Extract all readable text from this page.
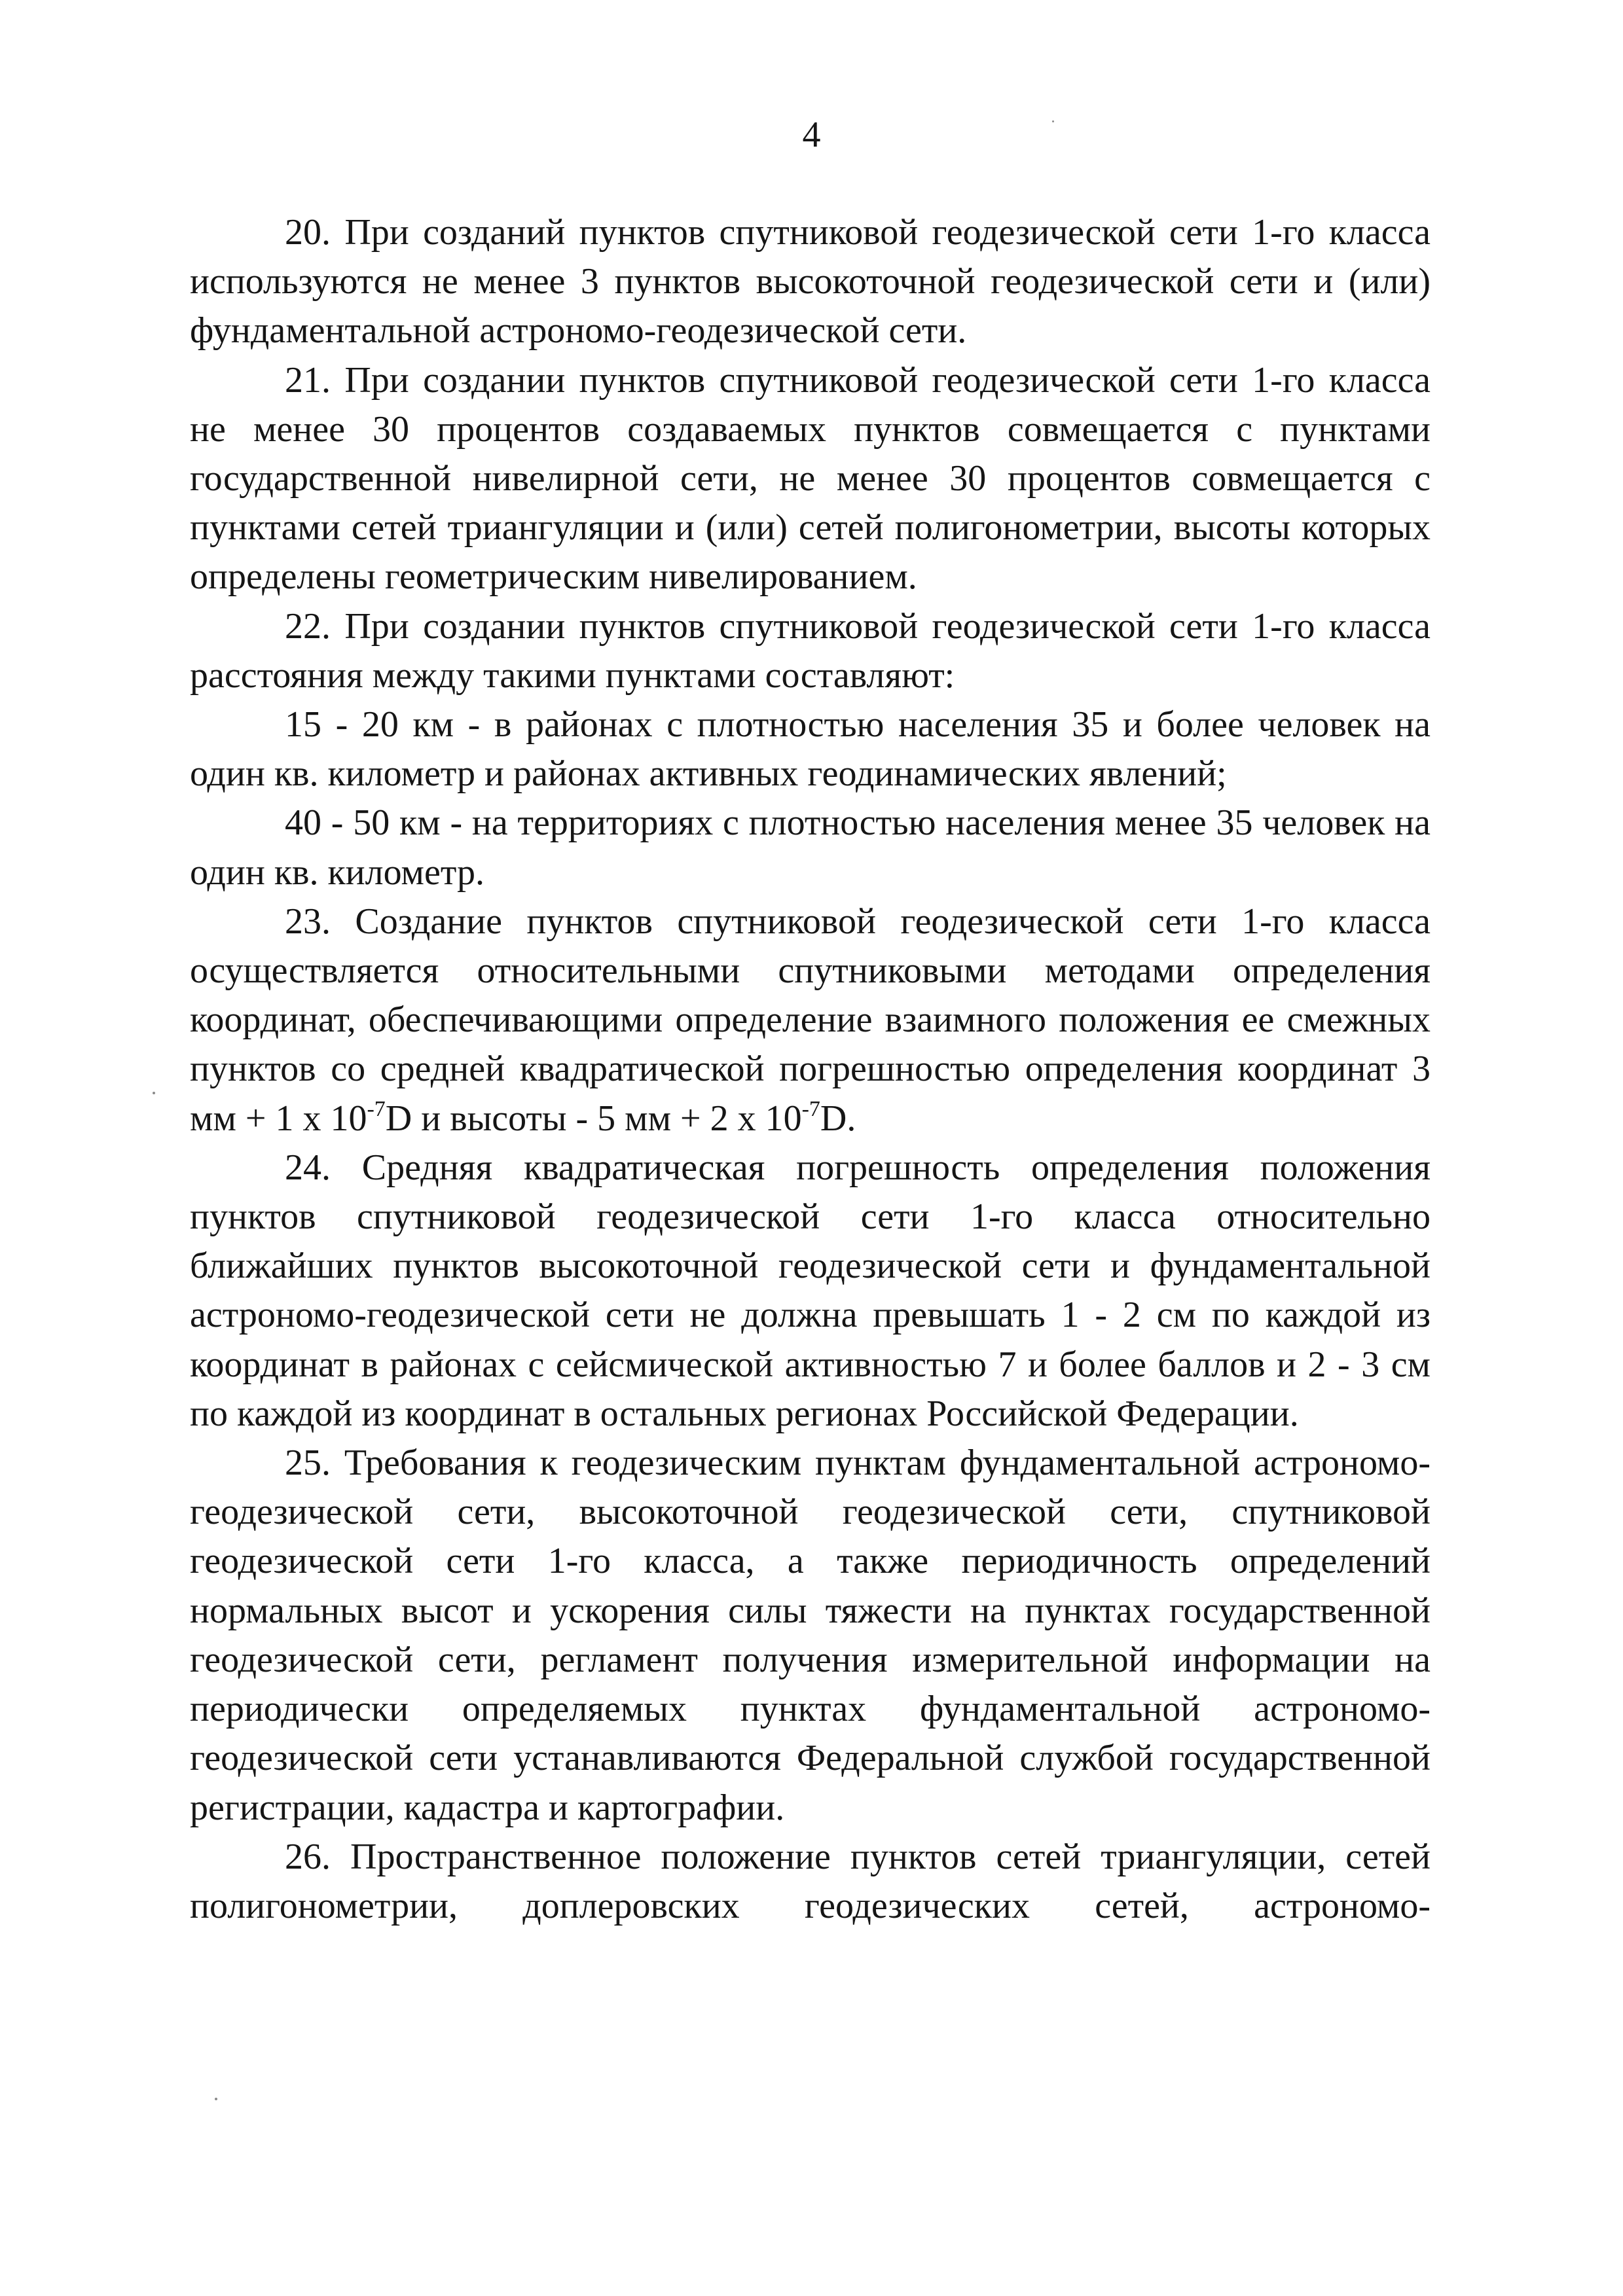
4

20. При созданий пунктов спутниковой геодезической сети 1-го класса используются не менее 3 пунктов высокоточной геодезической сети и (или) фундаментальной астрономо-геодезической сети.

21. При создании пунктов спутниковой геодезической сети 1-го класса не менее 30 процентов создаваемых пунктов совмещается с пунктами государственной нивелирной сети, не менее 30 процентов совмещается с пунктами сетей триангуляции и (или) сетей полигонометрии, высоты которых определены геометрическим нивелированием.

22. При создании пунктов спутниковой геодезической сети 1-го класса расстояния между такими пунктами составляют:

15 - 20 км - в районах с плотностью населения 35 и более человек на один кв. километр и районах активных геодинамических явлений;

40 - 50 км - на территориях с плотностью населения менее 35 человек на один кв. километр.

23. Создание пунктов спутниковой геодезической сети 1-го класса осуществляется относительными спутниковыми методами определения координат, обеспечивающими определение взаимного положения ее смежных пунктов со средней квадратической погрешностью определения координат 3 мм + 1 х $10^{-7}D$ и высоты - 5 мм + 2 х $10^{-7}D$.

24. Средняя квадратическая погрешность определения положения пунктов спутниковой геодезической сети 1-го класса относительно ближайших пунктов высокоточной геодезической сети и фундаментальной астрономо-геодезической сети не должна превышать 1 - 2 см по каждой из координат в районах с сейсмической активностью 7 и более баллов и 2 - 3 см по каждой из координат в остальных регионах Российской Федерации.

25. Требования к геодезическим пунктам фундаментальной астрономо-геодезической сети, высокоточной геодезической сети, спутниковой геодезической сети 1-го класса, а также периодичность определений нормальных высот и ускорения силы тяжести на пунктах государственной геодезической сети, регламент получения измерительной информации на периодически определяемых пунктах фундаментальной астрономо-геодезической сети устанавливаются Федеральной службой государственной регистрации, кадастра и картографии.

26. Пространственное положение пунктов сетей триангуляции, сетей полигонометрии, доплеровских геодезических сетей, астрономо-
